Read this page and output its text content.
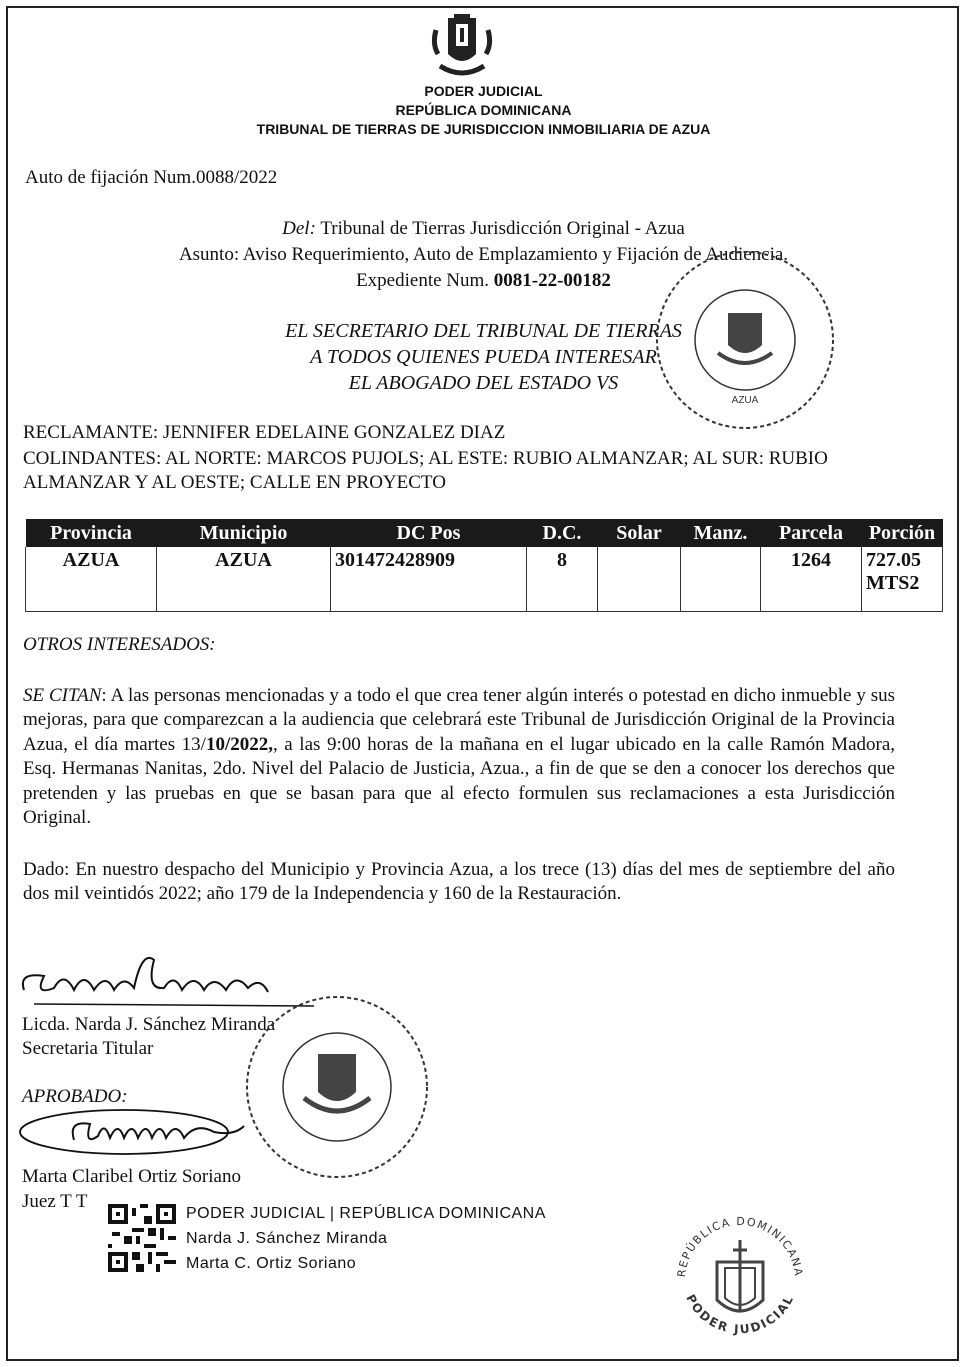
PODER JUDICIAL
REPÚBLICA DOMINICANA
TRIBUNAL DE TIERRAS DE JURISDICCION INMOBILIARIA DE AZUA
Auto de fijación Num.0088/2022
Del: Tribunal de Tierras Jurisdicción Original - Azua
Asunto: Aviso Requerimiento, Auto de Emplazamiento y Fijación de Audiencia.
Expediente Num. 0081-22-00182
EL SECRETARIO DEL TRIBUNAL DE TIERRAS
A TODOS QUIENES PUEDA INTERESAR
EL ABOGADO DEL ESTADO VS
AZUA
RECLAMANTE: JENNIFER EDELAINE GONZALEZ DIAZ
COLINDANTES: AL NORTE: MARCOS PUJOLS; AL ESTE: RUBIO ALMANZAR; AL SUR: RUBIO
ALMANZAR Y AL OESTE; CALLE EN PROYECTO
Provincia	Municipio	DC Pos	D.C.	Solar	Manz.	Parcela	Porción
AZUA	AZUA	301472428909	8			1264	727.05
MTS2
OTROS INTERESADOS:

SE CITAN: A las personas mencionadas y a todo el que crea tener algún interés o potestad en dicho inmueble y sus mejoras, para que comparezcan a la audiencia que celebrará este Tribunal de Jurisdicción Original de la Provincia Azua, el día martes 13/10/2022,, a las 9:00 horas de la mañana en el lugar ubicado en la calle Ramón Madora, Esq. Hermanas Nanitas, 2do. Nivel del Palacio de Justicia, Azua., a fin de que se den a conocer los derechos que pretenden y las pruebas en que se basan para que al efecto formulen sus reclamaciones a esta Jurisdicción Original.

Dado: En nuestro despacho del Municipio y Provincia Azua, a los trece (13) días del mes de septiembre del año dos mil veintidós 2022; año 179 de la Independencia y 160 de la Restauración.

Licda. Narda J. Sánchez Miranda
Secretaria Titular
APROBADO:
Marta Claribel Ortiz Soriano
Juez T T
PODER JUDICIAL | REPÚBLICA DOMINICANA
Narda J. Sánchez Miranda
Marta C. Ortiz Soriano
REPÚBLICA DOMINICANA
PODER JUDICIAL
